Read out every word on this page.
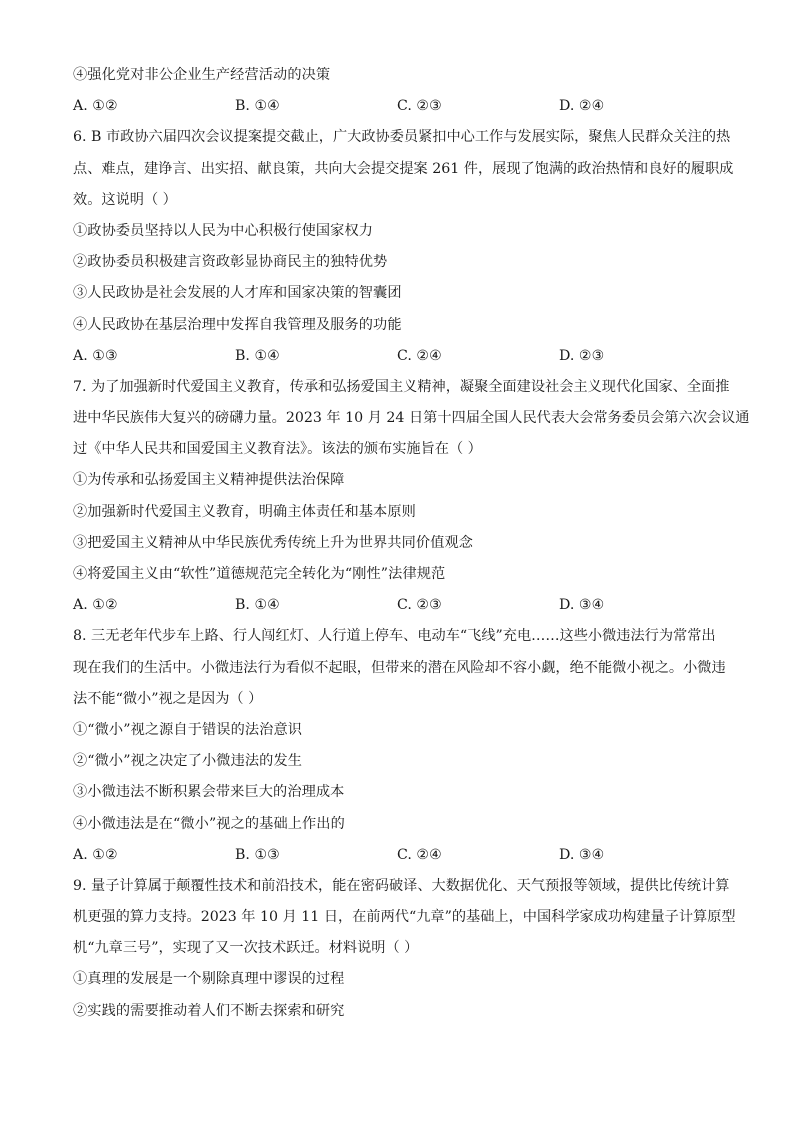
④强化党对非公企业生产经营活动的决策
A. ①②	B. ①④	C. ②③	D. ②④
6. B 市政协六届四次会议提案提交截止，广大政协委员紧扣中心工作与发展实际，聚焦人民群众关注的热
点、难点，建诤言、出实招、献良策，共向大会提交提案 261 件，展现了饱满的政治热情和良好的履职成
效。这说明（ ）
①政协委员坚持以人民为中心积极行使国家权力
②政协委员积极建言资政彰显协商民主的独特优势
③人民政协是社会发展的人才库和国家决策的智囊团
④人民政协在基层治理中发挥自我管理及服务的功能
A. ①③	B. ①④	C. ②④	D. ②③
7. 为了加强新时代爱国主义教育，传承和弘扬爱国主义精神，凝聚全面建设社会主义现代化国家、全面推
进中华民族伟大复兴的磅礴力量。2023 年 10 月 24 日第十四届全国人民代表大会常务委员会第六次会议通
过《中华人民共和国爱国主义教育法》。该法的颁布实施旨在（ ）
①为传承和弘扬爱国主义精神提供法治保障
②加强新时代爱国主义教育，明确主体责任和基本原则
③把爱国主义精神从中华民族优秀传统上升为世界共同价值观念
④将爱国主义由“软性”道德规范完全转化为“刚性”法律规范
A. ①②	B. ①④	C. ②③	D. ③④
8. 三无老年代步车上路、行人闯红灯、人行道上停车、电动车“飞线”充电……这些小微违法行为常常出
现在我们的生活中。小微违法行为看似不起眼，但带来的潜在风险却不容小觑，绝不能微小视之。小微违
法不能“微小”视之是因为（ ）
①“微小”视之源自于错误的法治意识
②“微小”视之决定了小微违法的发生
③小微违法不断积累会带来巨大的治理成本
④小微违法是在“微小”视之的基础上作出的
A. ①②	B. ①③	C. ②④	D. ③④
9. 量子计算属于颠覆性技术和前沿技术，能在密码破译、大数据优化、天气预报等领域，提供比传统计算
机更强的算力支持。2023 年 10 月 11 日，在前两代“九章”的基础上，中国科学家成功构建量子计算原型
机“九章三号”，实现了又一次技术跃迁。材料说明（ ）
①真理的发展是一个剔除真理中谬误的过程
②实践的需要推动着人们不断去探索和研究
